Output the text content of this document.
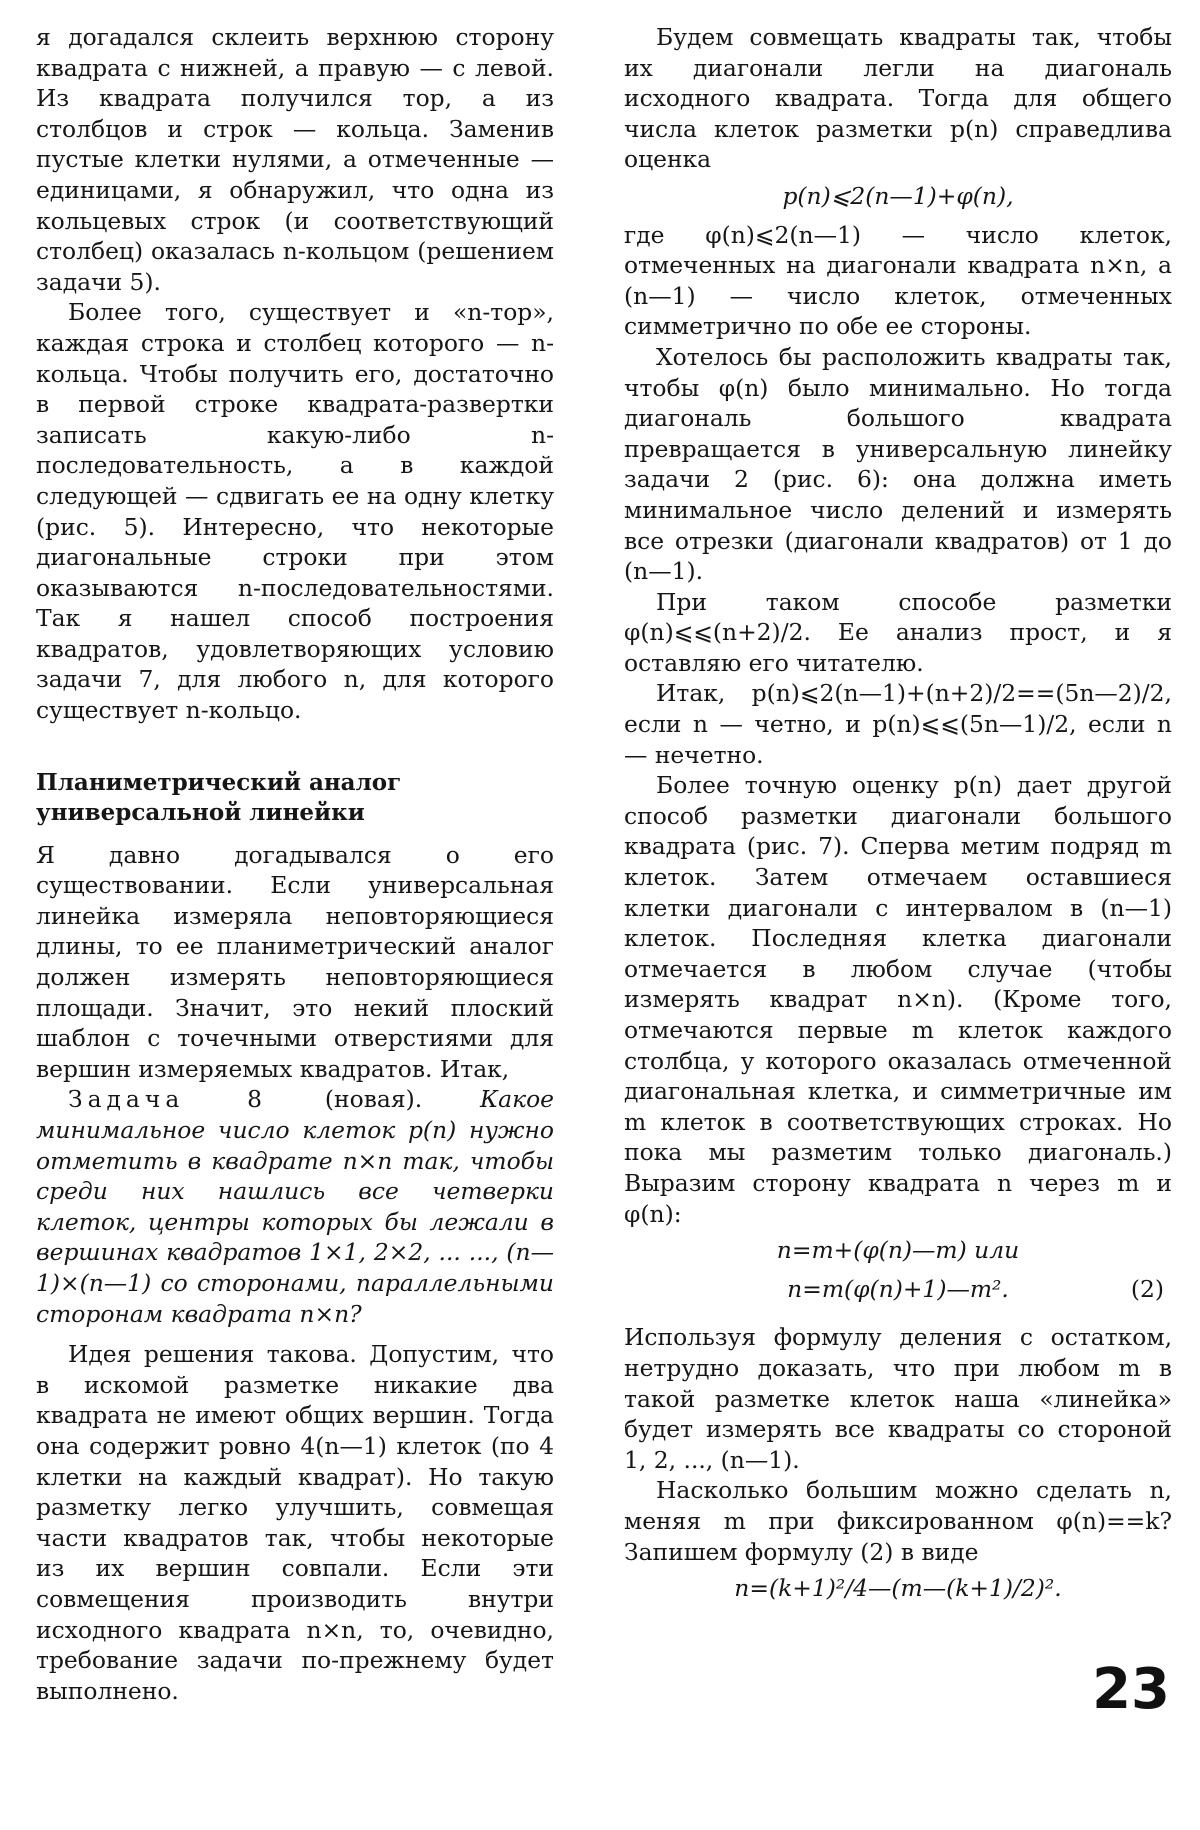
я догадался склеить верхнюю сторону квадрата с нижней, а правую — с левой. Из квадрата получился тор, а из столбцов и строк — кольца. Заменив пустые клетки нулями, а отмеченные — единицами, я обнаружил, что одна из кольцевых строк (и соответствующий столбец) оказалась n-кольцом (решением задачи 5).

Более того, существует и «n-тор», каждая строка и столбец которого — n-кольца. Чтобы получить его, достаточно в первой строке квадрата-развертки записать какую-либо n-последовательность, а в каждой следующей — сдвигать ее на одну клетку (рис. 5). Интересно, что некоторые диагональные строки при этом оказываются n-последовательностями. Так я нашел способ построения квадратов, удовлетворяющих условию задачи 7, для любого n, для которого существует n-кольцо.

Планиметрический аналог универсальной линейки

Я давно догадывался о его существовании. Если универсальная линейка измеряла неповторяющиеся длины, то ее планиметрический аналог должен измерять неповторяющиеся площади. Значит, это некий плоский шаблон с точечными отверстиями для вершин измеряемых квадратов. Итак,

Задача 8 (новая). Какое минимальное число клеток p(n) нужно отметить в квадрате n×n так, чтобы среди них нашлись все четверки клеток, центры которых бы лежали в вершинах квадратов 1×1, 2×2, ... ..., (n—1)×(n—1) со сторонами, параллельными сторонам квадрата n×n?

Идея решения такова. Допустим, что в искомой разметке никакие два квадрата не имеют общих вершин. Тогда она содержит ровно 4(n—1) клеток (по 4 клетки на каждый квадрат). Но такую разметку легко улучшить, совмещая части квадратов так, чтобы некоторые из их вершин совпали. Если эти совмещения производить внутри исходного квадрата n×n, то, очевидно, требование задачи по-прежнему будет выполнено.

Будем совмещать квадраты так, чтобы их диагонали легли на диагональ исходного квадрата. Тогда для общего числа клеток разметки p(n) справедлива оценка

p(n)⩽2(n—1)+φ(n),

где φ(n)⩽2(n—1) — число клеток, отмеченных на диагонали квадрата n×n, а (n—1) — число клеток, отмеченных симметрично по обе ее стороны.

Хотелось бы расположить квадраты так, чтобы φ(n) было минимально. Но тогда диагональ большого квадрата превращается в универсальную линейку задачи 2 (рис. 6): она должна иметь минимальное число делений и измерять все отрезки (диагонали квадратов) от 1 до (n—1).

При таком способе разметки φ(n)⩽⩽(n+2)/2. Ее анализ прост, и я оставляю его читателю.

Итак, p(n)⩽2(n—1)+(n+2)/2==(5n—2)/2, если n — четно, и p(n)⩽⩽(5n—1)/2, если n — нечетно.

Более точную оценку p(n) дает другой способ разметки диагонали большого квадрата (рис. 7). Сперва метим подряд m клеток. Затем отмечаем оставшиеся клетки диагонали с интервалом в (n—1) клеток. Последняя клетка диагонали отмечается в любом случае (чтобы измерять квадрат n×n). (Кроме того, отмечаются первые m клеток каждого столбца, у которого оказалась отмеченной диагональная клетка, и симметричные им m клеток в соответствующих строках. Но пока мы разметим только диагональ.) Выразим сторону квадрата n через m и φ(n):

n=m+(φ(n)—m) или
n=m(φ(n)+1)—m².	(2)

Используя формулу деления с остатком, нетрудно доказать, что при любом m в такой разметке клеток наша «линейка» будет измерять все квадраты со стороной 1, 2, ..., (n—1).

Насколько большим можно сделать n, меняя m при фиксированном φ(n)==k? Запишем формулу (2) в виде

n=(k+1)²/4—(m—(k+1)/2)².
23
